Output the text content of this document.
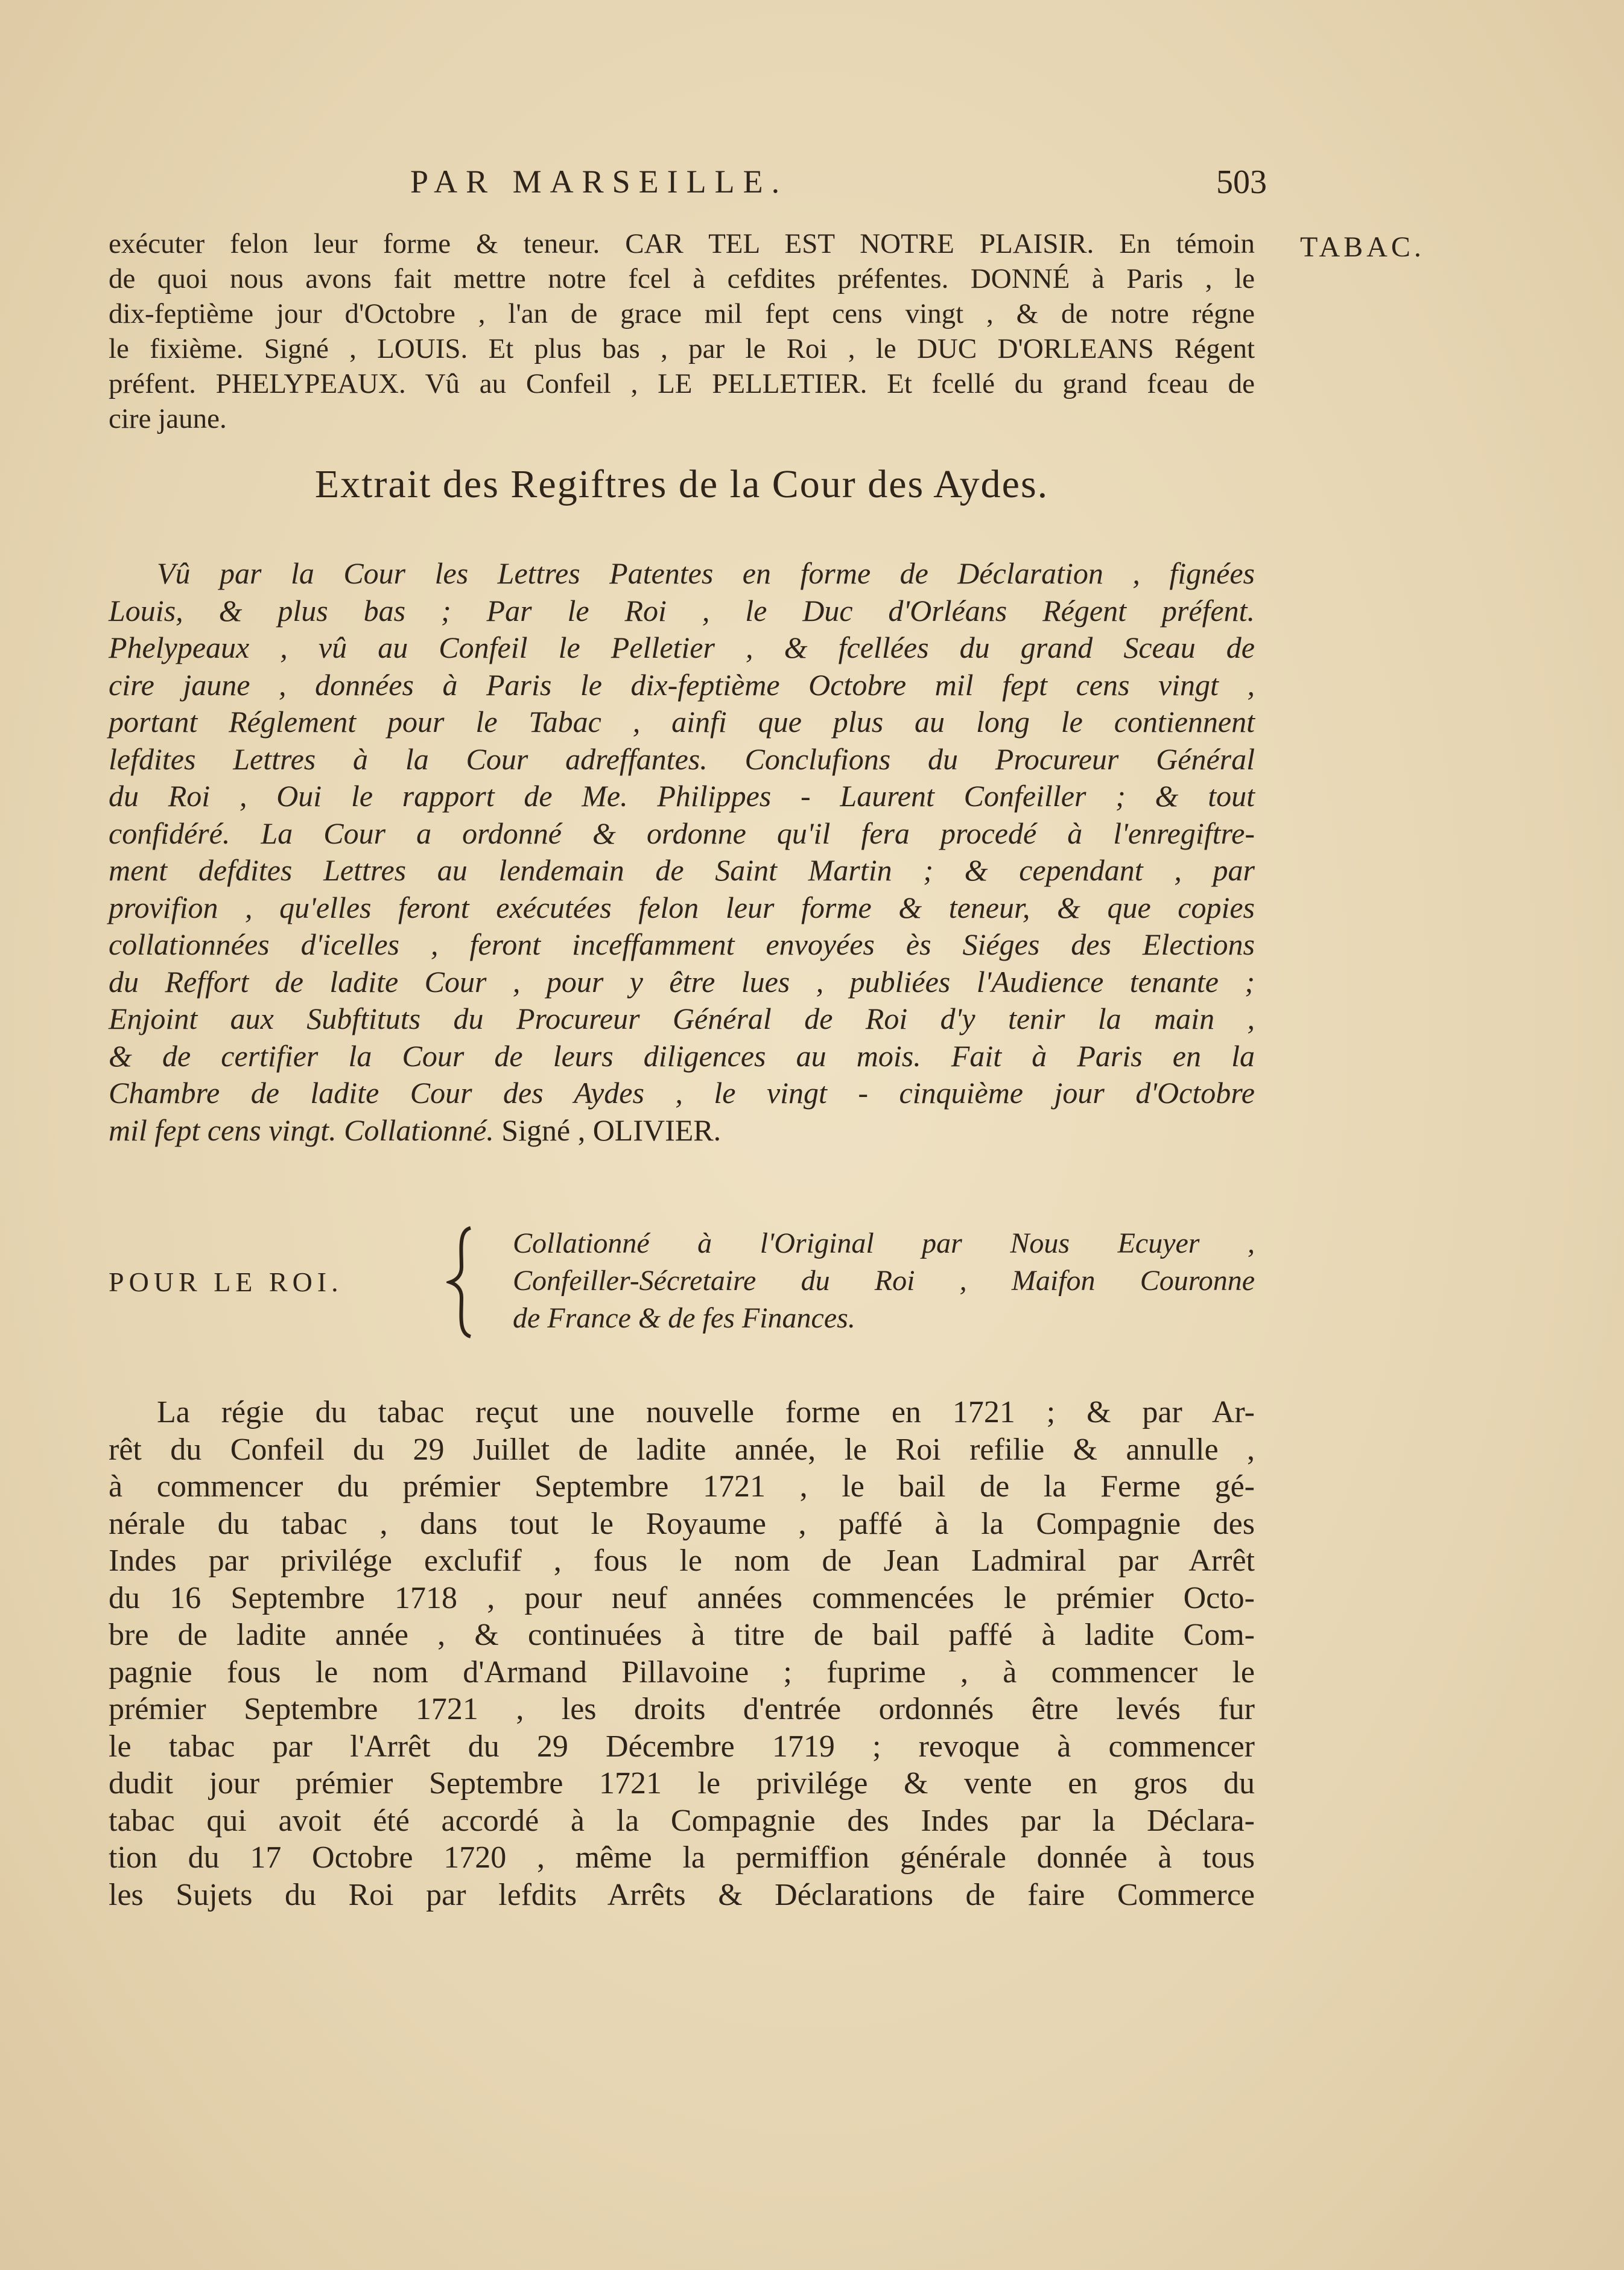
PAR MARSEILLE.	503
TABAC.
exécuter felon leur forme & teneur. CAR TEL EST NOTRE PLAISIR. En témoin
de quoi nous avons fait mettre notre fcel à cefdites préfentes. DONNÉ à Paris , le
dix-feptième jour d'Octobre , l'an de grace mil fept cens vingt , & de notre régne
le fixième. Signé , LOUIS. Et plus bas , par le Roi , le DUC D'ORLEANS Régent
préfent. PHELYPEAUX. Vû au Confeil , LE PELLETIER. Et fcellé du grand fceau de
cire jaune.
Extrait des Regiftres de la Cour des Aydes.
Vû par la Cour les Lettres Patentes en forme de Déclaration , fignées
Louis, & plus bas ; Par le Roi , le Duc d'Orléans Régent préfent.
Phelypeaux , vû au Confeil le Pelletier , & fcellées du grand Sceau de
cire jaune , données à Paris le dix-feptième Octobre mil fept cens vingt ,
portant Réglement pour le Tabac , ainfi que plus au long le contiennent
lefdites Lettres à la Cour adreffantes. Conclufions du Procureur Général
du Roi , Oui le rapport de Me. Philippes - Laurent Confeiller ; & tout
confidéré. La Cour a ordonné & ordonne qu'il fera procedé à l'enregiftre-
ment defdites Lettres au lendemain de Saint Martin ; & cependant , par
provifion , qu'elles feront exécutées felon leur forme & teneur, & que copies
collationnées d'icelles , feront inceffamment envoyées ès Siéges des Elections
du Reffort de ladite Cour , pour y être lues , publiées l'Audience tenante ;
Enjoint aux Subftituts du Procureur Général de Roi d'y tenir la main ,
& de certifier la Cour de leurs diligences au mois. Fait à Paris en la
Chambre de ladite Cour des Aydes , le vingt - cinquième jour d'Octobre
mil fept cens vingt. Collationné. Signé , OLIVIER.
POUR LE ROI.
Collationné à l'Original par Nous Ecuyer ,
Confeiller-Sécretaire du Roi , Maifon Couronne
de France & de fes Finances.
La régie du tabac reçut une nouvelle forme en 1721 ; & par Ar-
rêt du Confeil du 29 Juillet de ladite année, le Roi refilie & annulle ,
à commencer du prémier Septembre 1721 , le bail de la Ferme gé-
nérale du tabac , dans tout le Royaume , paffé à la Compagnie des
Indes par privilége exclufif , fous le nom de Jean Ladmiral par Arrêt
du 16 Septembre 1718 , pour neuf années commencées le prémier Octo-
bre de ladite année , & continuées à titre de bail paffé à ladite Com-
pagnie fous le nom d'Armand Pillavoine ; fuprime , à commencer le
prémier Septembre 1721 , les droits d'entrée ordonnés être levés fur
le tabac par l'Arrêt du 29 Décembre 1719 ; revoque à commencer
dudit jour prémier Septembre 1721 le privilége & vente en gros du
tabac qui avoit été accordé à la Compagnie des Indes par la Déclara-
tion du 17 Octobre 1720 , même la permiffion générale donnée à tous
les Sujets du Roi par lefdits Arrêts & Déclarations de faire Commerce
